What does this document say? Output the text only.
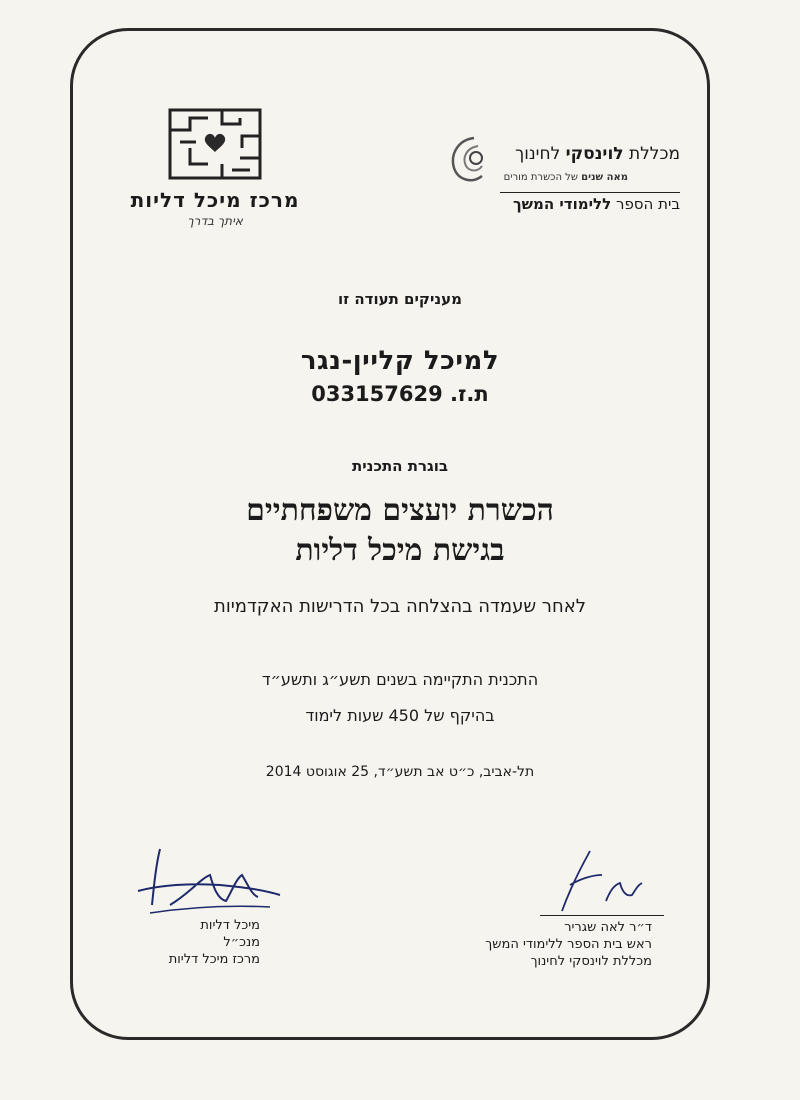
מרכז מיכל דליות
איתך בדרך
מכללת לוינסקי לחינוך
מאה שנים של הכשרת מורים
בית הספר ללימודי המשך
מעניקים תעודה זו
למיכל קליין-נגר
ת.ז. 033157629
בוגרת התכנית
הכשרת יועצים משפחתיים
בגישת מיכל דליות
לאחר שעמדה בהצלחה בכל הדרישות האקדמיות
התכנית התקיימה בשנים תשע״ג ותשע״ד
בהיקף של 450 שעות לימוד
תל-אביב, כ״ט אב תשע״ד, 25 אוגוסט 2014
מיכל דליות
מנכ״ל
מרכז מיכל דליות
ד״ר לאה שגריר
ראש בית הספר ללימודי המשך
מכללת לוינסקי לחינוך
